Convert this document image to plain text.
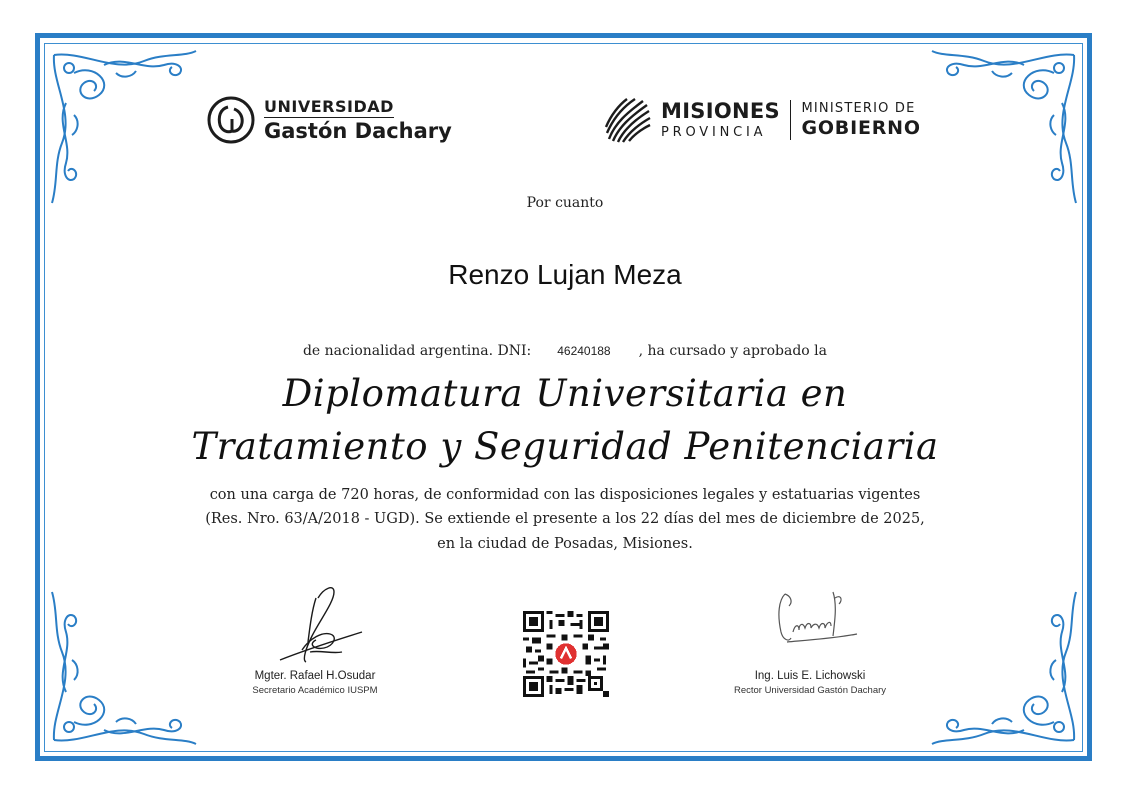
UNIVERSIDAD
Gastón Dachary
MISIONES
PROVINCIA
MINISTERIO DE
GOBIERNO
Por cuanto
Renzo Lujan Meza
de nacionalidad argentina. DNI: 46240188 , ha cursado y aprobado la
Diplomatura Universitaria en
Tratamiento y Seguridad Penitenciaria
con una carga de 720 horas, de conformidad con las disposiciones legales y estatuarias vigentes
(Res. Nro. 63/A/2018 - UGD). Se extiende el presente a los 22 días del mes de diciembre de 2025,
en la ciudad de Posadas, Misiones.
Mgter. Rafael H.Osudar
Secretario Académico IUSPM
Ing. Luis E. Lichowski
Rector Universidad Gastón Dachary
